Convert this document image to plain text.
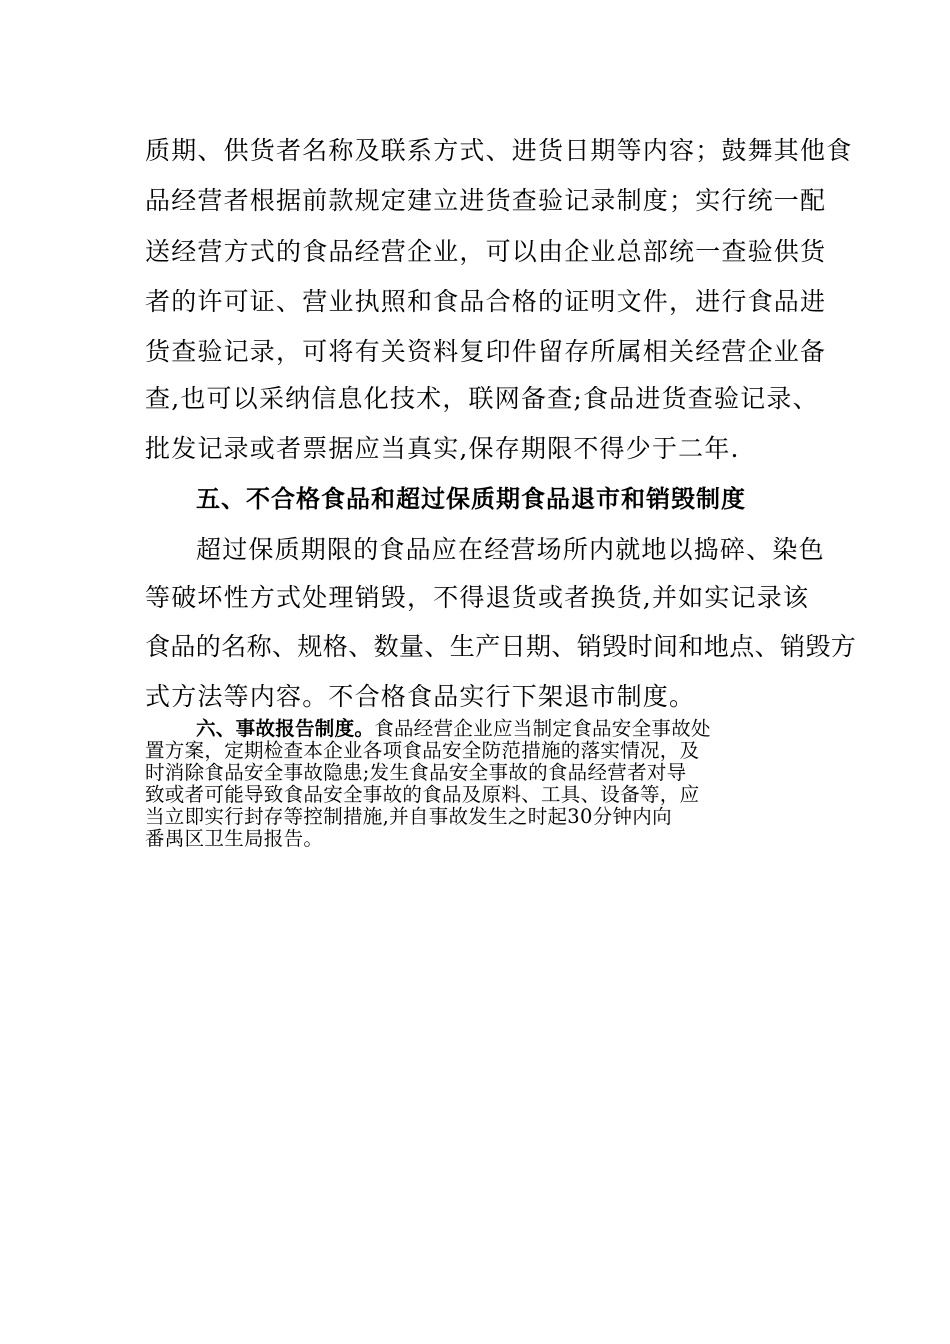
质期、供货者名称及联系方式、进货日期等内容；鼓舞其他食
品经营者根据前款规定建立进货查验记录制度；实行统一配
送经营方式的食品经营企业，可以由企业总部统一查验供货
者的许可证、营业执照和食品合格的证明文件，进行食品进
货查验记录，可将有关资料复印件留存所属相关经营企业备
查,也可以采纳信息化技术，联网备查;食品进货查验记录、
批发记录或者票据应当真实,保存期限不得少于二年.
五、不合格食品和超过保质期食品退市和销毁制度
超过保质期限的食品应在经营场所内就地以捣碎、染色
等破坏性方式处理销毁，不得退货或者换货,并如实记录该
食品的名称、规格、数量、生产日期、销毁时间和地点、销毁方
式方法等内容。不合格食品实行下架退市制度。
六、事故报告制度。食品经营企业应当制定食品安全事故处
置方案，定期检查本企业各项食品安全防范措施的落实情况，及
时消除食品安全事故隐患;发生食品安全事故的食品经营者对导
致或者可能导致食品安全事故的食品及原料、工具、设备等，应
当立即实行封存等控制措施,并自事故发生之时起30分钟内向
番禺区卫生局报告。
